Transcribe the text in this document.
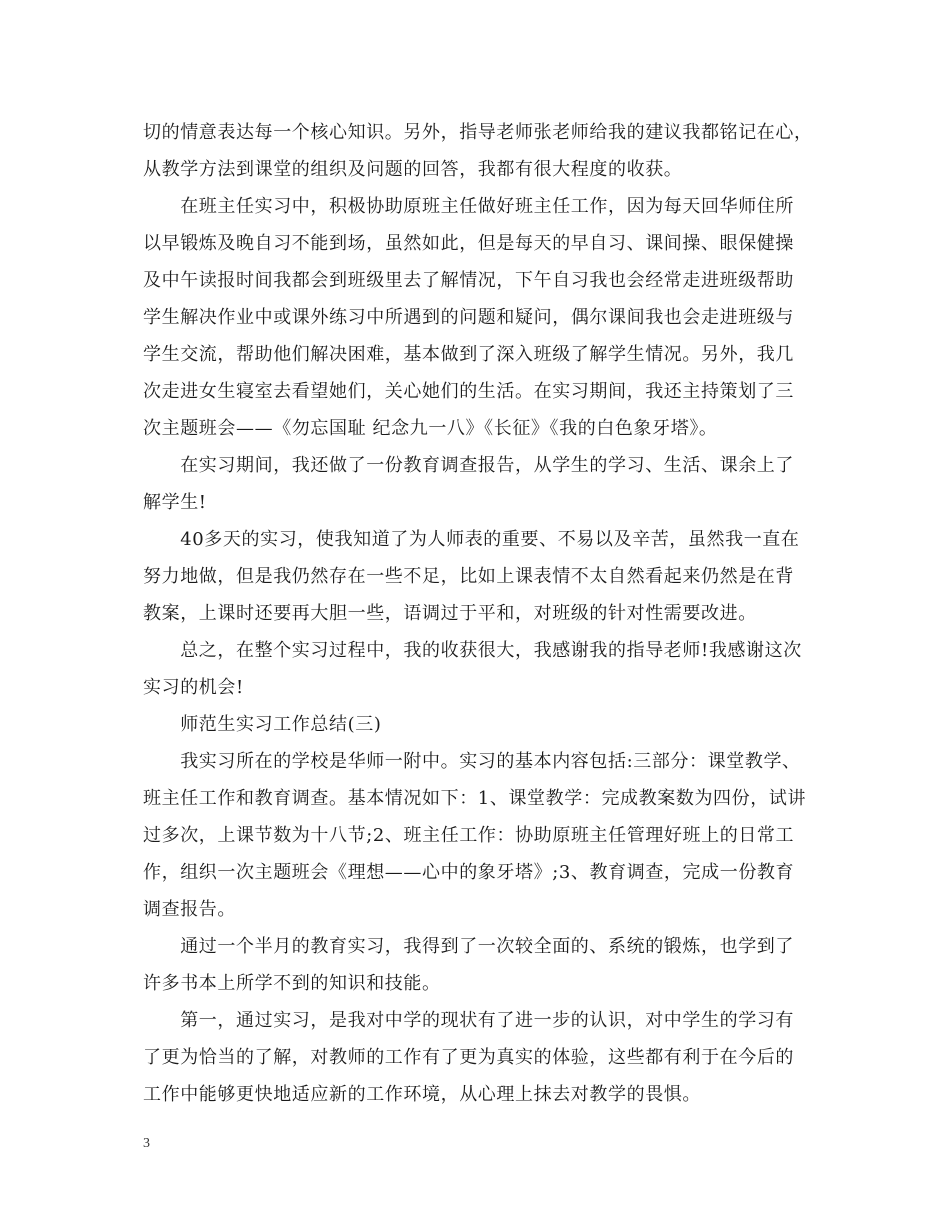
切的情意表达每一个核心知识。另外，指导老师张老师给我的建议我都铭记在心，
从教学方法到课堂的组织及问题的回答，我都有很大程度的收获。
　　在班主任实习中，积极协助原班主任做好班主任工作，因为每天回华师住所
以早锻炼及晚自习不能到场，虽然如此，但是每天的早自习、课间操、眼保健操
及中午读报时间我都会到班级里去了解情况，下午自习我也会经常走进班级帮助
学生解决作业中或课外练习中所遇到的问题和疑问，偶尔课间我也会走进班级与
学生交流，帮助他们解决困难，基本做到了深入班级了解学生情况。另外，我几
次走进女生寝室去看望她们，关心她们的生活。在实习期间，我还主持策划了三
次主题班会——《勿忘国耻 纪念九一八》《长征》《我的白色象牙塔》。
　　在实习期间，我还做了一份教育调查报告，从学生的学习、生活、课余上了
解学生!
　　40多天的实习，使我知道了为人师表的重要、不易以及辛苦，虽然我一直在
努力地做，但是我仍然存在一些不足，比如上课表情不太自然看起来仍然是在背
教案，上课时还要再大胆一些，语调过于平和，对班级的针对性需要改进。
　　总之，在整个实习过程中，我的收获很大，我感谢我的指导老师!我感谢这次
实习的机会!
　　师范生实习工作总结(三)
　　我实习所在的学校是华师一附中。实习的基本内容包括:三部分：课堂教学、
班主任工作和教育调查。基本情况如下：1、课堂教学：完成教案数为四份，试讲
过多次，上课节数为十八节;2、班主任工作：协助原班主任管理好班上的日常工
作，组织一次主题班会《理想——心中的象牙塔》;3、教育调查，完成一份教育
调查报告。
　　通过一个半月的教育实习，我得到了一次较全面的、系统的锻炼，也学到了
许多书本上所学不到的知识和技能。
　　第一，通过实习，是我对中学的现状有了进一步的认识，对中学生的学习有
了更为恰当的了解，对教师的工作有了更为真实的体验，这些都有利于在今后的
工作中能够更快地适应新的工作环境，从心理上抹去对教学的畏惧。
3
